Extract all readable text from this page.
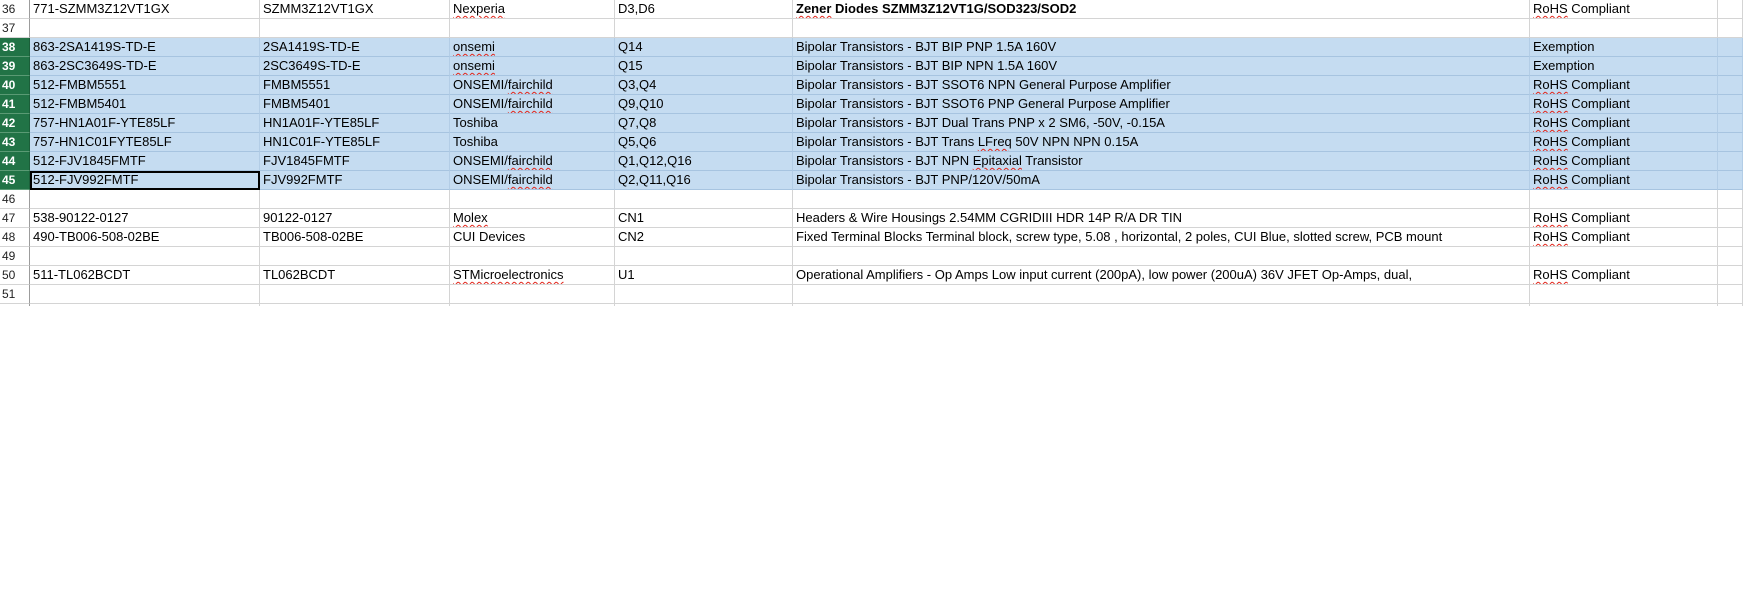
36	771-SZMM3Z12VT1GX	SZMM3Z12VT1GX	Nexperia	D3,D6	Zener Diodes SZMM3Z12VT1G/SOD323/SOD2	RoHS Compliant
37
38	863-2SA1419S-TD-E	2SA1419S-TD-E	onsemi	Q14	Bipolar Transistors - BJT BIP PNP 1.5A 160V	Exemption
39	863-2SC3649S-TD-E	2SC3649S-TD-E	onsemi	Q15	Bipolar Transistors - BJT BIP NPN 1.5A 160V	Exemption
40	512-FMBM5551	FMBM5551	ONSEMI/fairchild	Q3,Q4	Bipolar Transistors - BJT SSOT6 NPN General Purpose Amplifier	RoHS Compliant
41	512-FMBM5401	FMBM5401	ONSEMI/fairchild	Q9,Q10	Bipolar Transistors - BJT SSOT6 PNP General Purpose Amplifier	RoHS Compliant
42	757-HN1A01F-YTE85LF	HN1A01F-YTE85LF	Toshiba	Q7,Q8	Bipolar Transistors - BJT Dual Trans PNP x 2 SM6, -50V, -0.15A	RoHS Compliant
43	757-HN1C01FYTE85LF	HN1C01F-YTE85LF	Toshiba	Q5,Q6	Bipolar Transistors - BJT Trans LFreq 50V NPN NPN 0.15A	RoHS Compliant
44	512-FJV1845FMTF	FJV1845FMTF	ONSEMI/fairchild	Q1,Q12,Q16	Bipolar Transistors - BJT NPN Epitaxial Transistor	RoHS Compliant
45	512-FJV992FMTF	FJV992FMTF	ONSEMI/fairchild	Q2,Q11,Q16	Bipolar Transistors - BJT PNP/120V/50mA	RoHS Compliant
46
47	538-90122-0127	90122-0127	Molex	CN1	Headers & Wire Housings 2.54MM CGRIDIII HDR 14P R/A DR TIN	RoHS Compliant
48	490-TB006-508-02BE	TB006-508-02BE	CUI Devices	CN2	Fixed Terminal Blocks Terminal block, screw type, 5.08 , horizontal, 2 poles, CUI Blue, slotted screw, PCB mount	RoHS Compliant
49
50	511-TL062BCDT	TL062BCDT	STMicroelectronics	U1	Operational Amplifiers - Op Amps Low input current (200pA), low power (200uA) 36V JFET Op-Amps, dual,	RoHS Compliant
51
